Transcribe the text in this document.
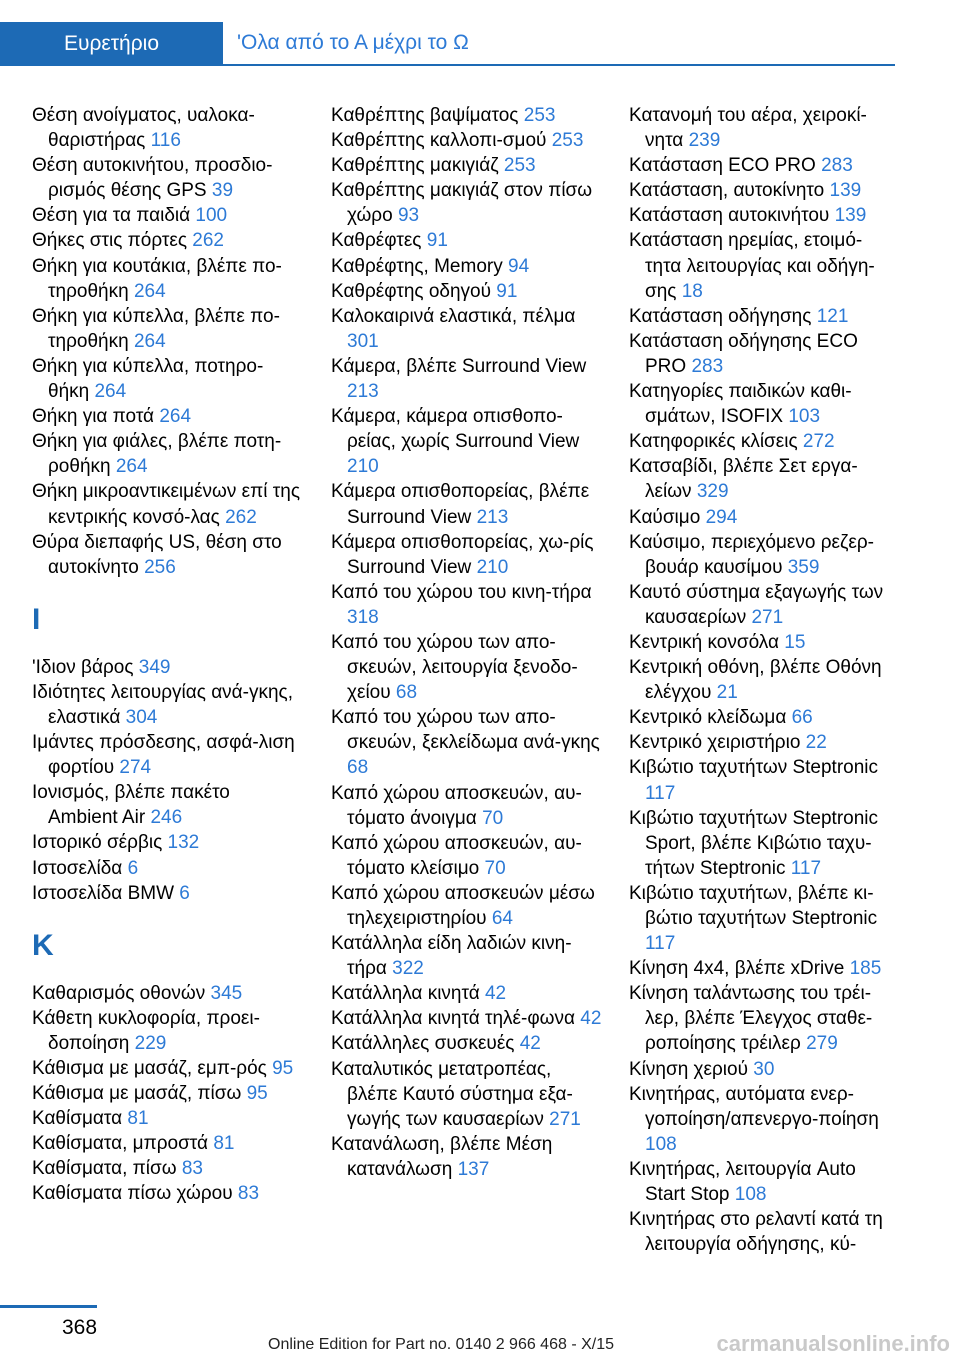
Ευρετήριο	'Ολα από το Α μέχρι το Ω
Θέση ανοίγματος, υαλοκα-θαριστήρας 116
Θέση αυτοκινήτου, προσδιο-ρισμός θέσης GPS 39
Θέση για τα παιδιά 100
Θήκες στις πόρτες 262
Θήκη για κουτάκια, βλέπε πο-τηροθήκη 264
Θήκη για κύπελλα, βλέπε πο-τηροθήκη 264
Θήκη για κύπελλα, ποτηρο-θήκη 264
Θήκη για ποτά 264
Θήκη για φιάλες, βλέπε ποτη-ροθήκη 264
Θήκη μικροαντικειμένων επί της κεντρικής κονσό-λας 262
Θύρα διεπαφής US, θέση στο αυτοκίνητο 256
Ι
'Ιδιον βάρος 349
Ιδιότητες λειτουργίας ανά-γκης, ελαστικά 304
Ιμάντες πρόσδεσης, ασφά-λιση φορτίου 274
Ιονισμός, βλέπε πακέτο Ambient Air 246
Ιστορικό σέρβις 132
Ιστοσελίδα 6
Ιστοσελίδα BMW 6
Κ
Καθαρισμός οθονών 345
Κάθετη κυκλοφορία, προει-δοποίηση 229
Κάθισμα με μασάζ, εμπ-ρός 95
Κάθισμα με μασάζ, πίσω 95
Καθίσματα 81
Καθίσματα, μπροστά 81
Καθίσματα, πίσω 83
Καθίσματα πίσω χώρου 83
Καθρέπτης βαψίματος 253
Καθρέπτης καλλοπι-σμού 253
Καθρέπτης μακιγιάζ 253
Καθρέπτης μακιγιάζ στον πίσω χώρο 93
Καθρέφτες 91
Καθρέφτης, Memory 94
Καθρέφτης οδηγού 91
Καλοκαιρινά ελαστικά, πέλμα 301
Κάμερα, βλέπε Surround View 213
Κάμερα, κάμερα οπισθοπο-ρείας, χωρίς Surround View 210
Κάμερα οπισθοπορείας, βλέπε Surround View 213
Κάμερα οπισθοπορείας, χω-ρίς Surround View 210
Καπό του χώρου του κινη-τήρα 318
Καπό του χώρου των απο-σκευών, λειτουργία ξενοδο-χείου 68
Καπό του χώρου των απο-σκευών, ξεκλείδωμα ανά-γκης 68
Καπό χώρου αποσκευών, αυ-τόματο άνοιγμα 70
Καπό χώρου αποσκευών, αυ-τόματο κλείσιμο 70
Καπό χώρου αποσκευών μέσω τηλεχειριστηρίου 64
Κατάλληλα είδη λαδιών κινη-τήρα 322
Κατάλληλα κινητά 42
Κατάλληλα κινητά τηλέ-φωνα 42
Κατάλληλες συσκευές 42
Καταλυτικός μετατροπέας, βλέπε Καυτό σύστημα εξα-γωγής των καυσαερίων 271
Κατανάλωση, βλέπε Μέση κατανάλωση 137
Κατανομή του αέρα, χειροκί-νητα 239
Κατάσταση ECO PRO 283
Κατάσταση, αυτοκίνητο 139
Κατάσταση αυτοκινήτου 139
Κατάσταση ηρεμίας, ετοιμό-τητα λειτουργίας και οδήγη-σης 18
Κατάσταση οδήγησης 121
Κατάσταση οδήγησης ECO PRO 283
Κατηγορίες παιδικών καθι-σμάτων, ISOFIX 103
Κατηφορικές κλίσεις 272
Κατσαβίδι, βλέπε Σετ εργα-λείων 329
Καύσιμο 294
Καύσιμο, περιεχόμενο ρεζερ-βουάρ καυσίμου 359
Καυτό σύστημα εξαγωγής των καυσαερίων 271
Κεντρική κονσόλα 15
Κεντρική οθόνη, βλέπε Οθόνη ελέγχου 21
Κεντρικό κλείδωμα 66
Κεντρικό χειριστήριο 22
Κιβώτιο ταχυτήτων Steptronic 117
Κιβώτιο ταχυτήτων Steptronic Sport, βλέπε Κιβώτιο ταχυ-τήτων Steptronic 117
Κιβώτιο ταχυτήτων, βλέπε κι-βώτιο ταχυτήτων Steptronic 117
Κίνηση 4x4, βλέπε xDrive 185
Κίνηση ταλάντωσης του τρέι-λερ, βλέπε Έλεγχος σταθε-ροποίησης τρέιλερ 279
Κίνηση χεριού 30
Κινητήρας, αυτόματα ενερ-γοποίηση/απενεργο-ποίηση 108
Κινητήρας, λειτουργία Auto Start Stop 108
Κινητήρας στο ρελαντί κατά τη λειτουργία οδήγησης, κύ-
368
Online Edition for Part no. 0140 2 966 468 - X/15	carmanualsonline.info
